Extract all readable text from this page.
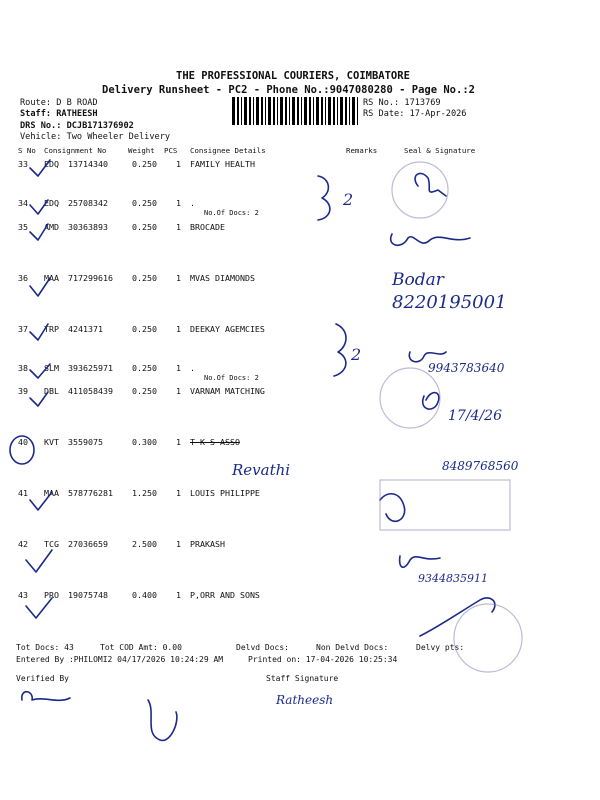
THE PROFESSIONAL COURIERS, COIMBATORE
Delivery Runsheet - PC2 - Phone No.:9047080280 - Page No.:2
Route: D B ROAD
Staff: RATHEESH
DRS No.: DCJB171376902
Vehicle: Two Wheeler Delivery
RS No.: 1713769
RS Date: 17-Apr-2026
S No Consignment No	Weight PCS Consignee Details	Remarks	Seal & Signature
33 EDQ 13714340	0.250 1 FAMILY HEALTH
34 EDQ 25708342	0.250 1 .
No.Of Docs: 2
35 AMD 30363893	0.250 1 BROCADE
36 MAA 717299616 0.250 1 MVAS DIAMONDS
37 TRP 4241371	0.250 1 DEEKAY AGEMCIES
38 SLM 393625971 0.250 1 .
No.Of Docs: 2
39 DBL 411058439 0.250 1 VARNAM MATCHING
40 KVT 3559075	0.300 1 T K S ASSO
41 MAA 578776281 1.250 1 LOUIS PHILIPPE
42 TCG 27036659	2.500 1 PRAKASH
43 PRO 19075748	0.400 1 P,ORR AND SONS
Tot Docs: 43	Tot COD Amt: 0.00	Delvd Docs:	Non Delvd Docs:	Delvy pts:
Entered By :PHILOMI2 04/17/2026 10:24:29 AM	Printed on: 17-04-2026 10:25:34
Verified By	Staff Signature
2
2
Bodar
8220195001
9943783640
17/4/26
Revathi	8489768560
9344835911
Ratheesh
